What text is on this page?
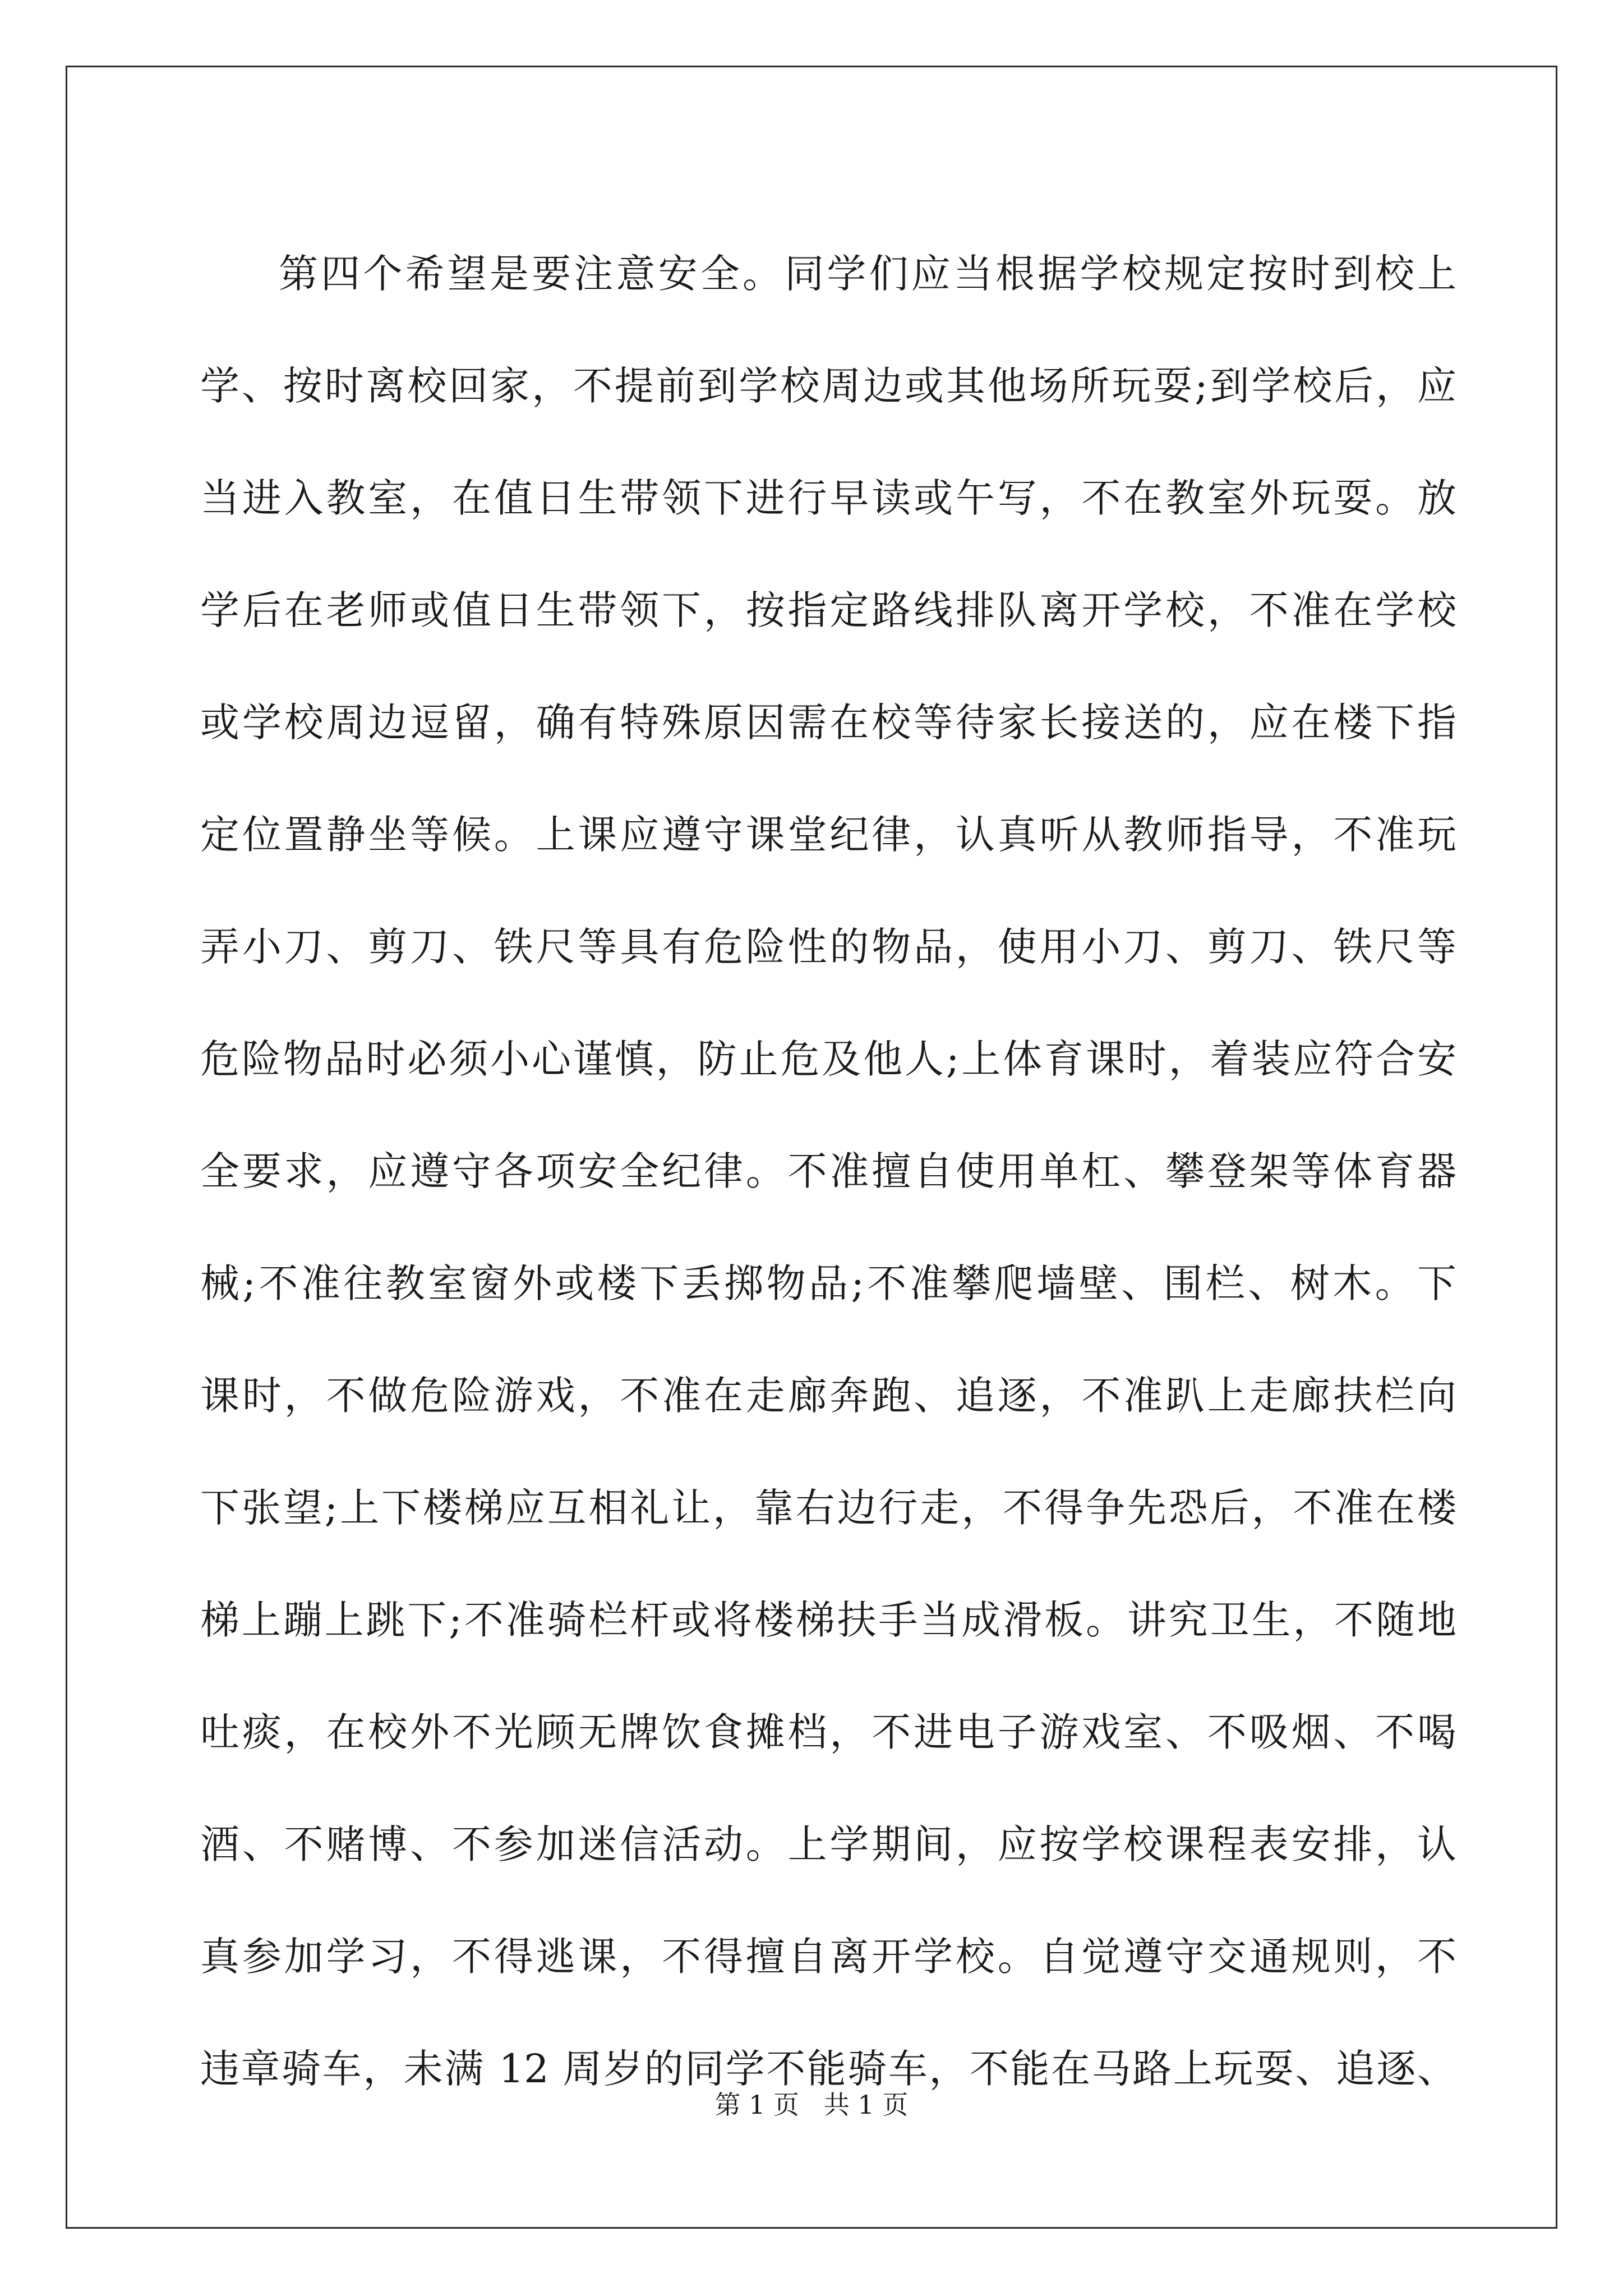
第四个希望是要注意安全。同学们应当根据学校规定按时到校上
学、按时离校回家，不提前到学校周边或其他场所玩耍;到学校后，应
当进入教室，在值日生带领下进行早读或午写，不在教室外玩耍。放
学后在老师或值日生带领下，按指定路线排队离开学校，不准在学校
或学校周边逗留，确有特殊原因需在校等待家长接送的，应在楼下指
定位置静坐等候。上课应遵守课堂纪律，认真听从教师指导，不准玩
弄小刀、剪刀、铁尺等具有危险性的物品，使用小刀、剪刀、铁尺等
危险物品时必须小心谨慎，防止危及他人;上体育课时，着装应符合安
全要求，应遵守各项安全纪律。不准擅自使用单杠、攀登架等体育器
械;不准往教室窗外或楼下丢掷物品;不准攀爬墙壁、围栏、树木。下
课时，不做危险游戏，不准在走廊奔跑、追逐，不准趴上走廊扶栏向
下张望;上下楼梯应互相礼让，靠右边行走，不得争先恐后，不准在楼
梯上蹦上跳下;不准骑栏杆或将楼梯扶手当成滑板。讲究卫生，不随地
吐痰，在校外不光顾无牌饮食摊档，不进电子游戏室、不吸烟、不喝
酒、不赌博、不参加迷信活动。上学期间，应按学校课程表安排，认
真参加学习，不得逃课，不得擅自离开学校。自觉遵守交通规则，不
违章骑车，未满 12 周岁的同学不能骑车，不能在马路上玩耍、追逐、
第 1 页   共 1 页
